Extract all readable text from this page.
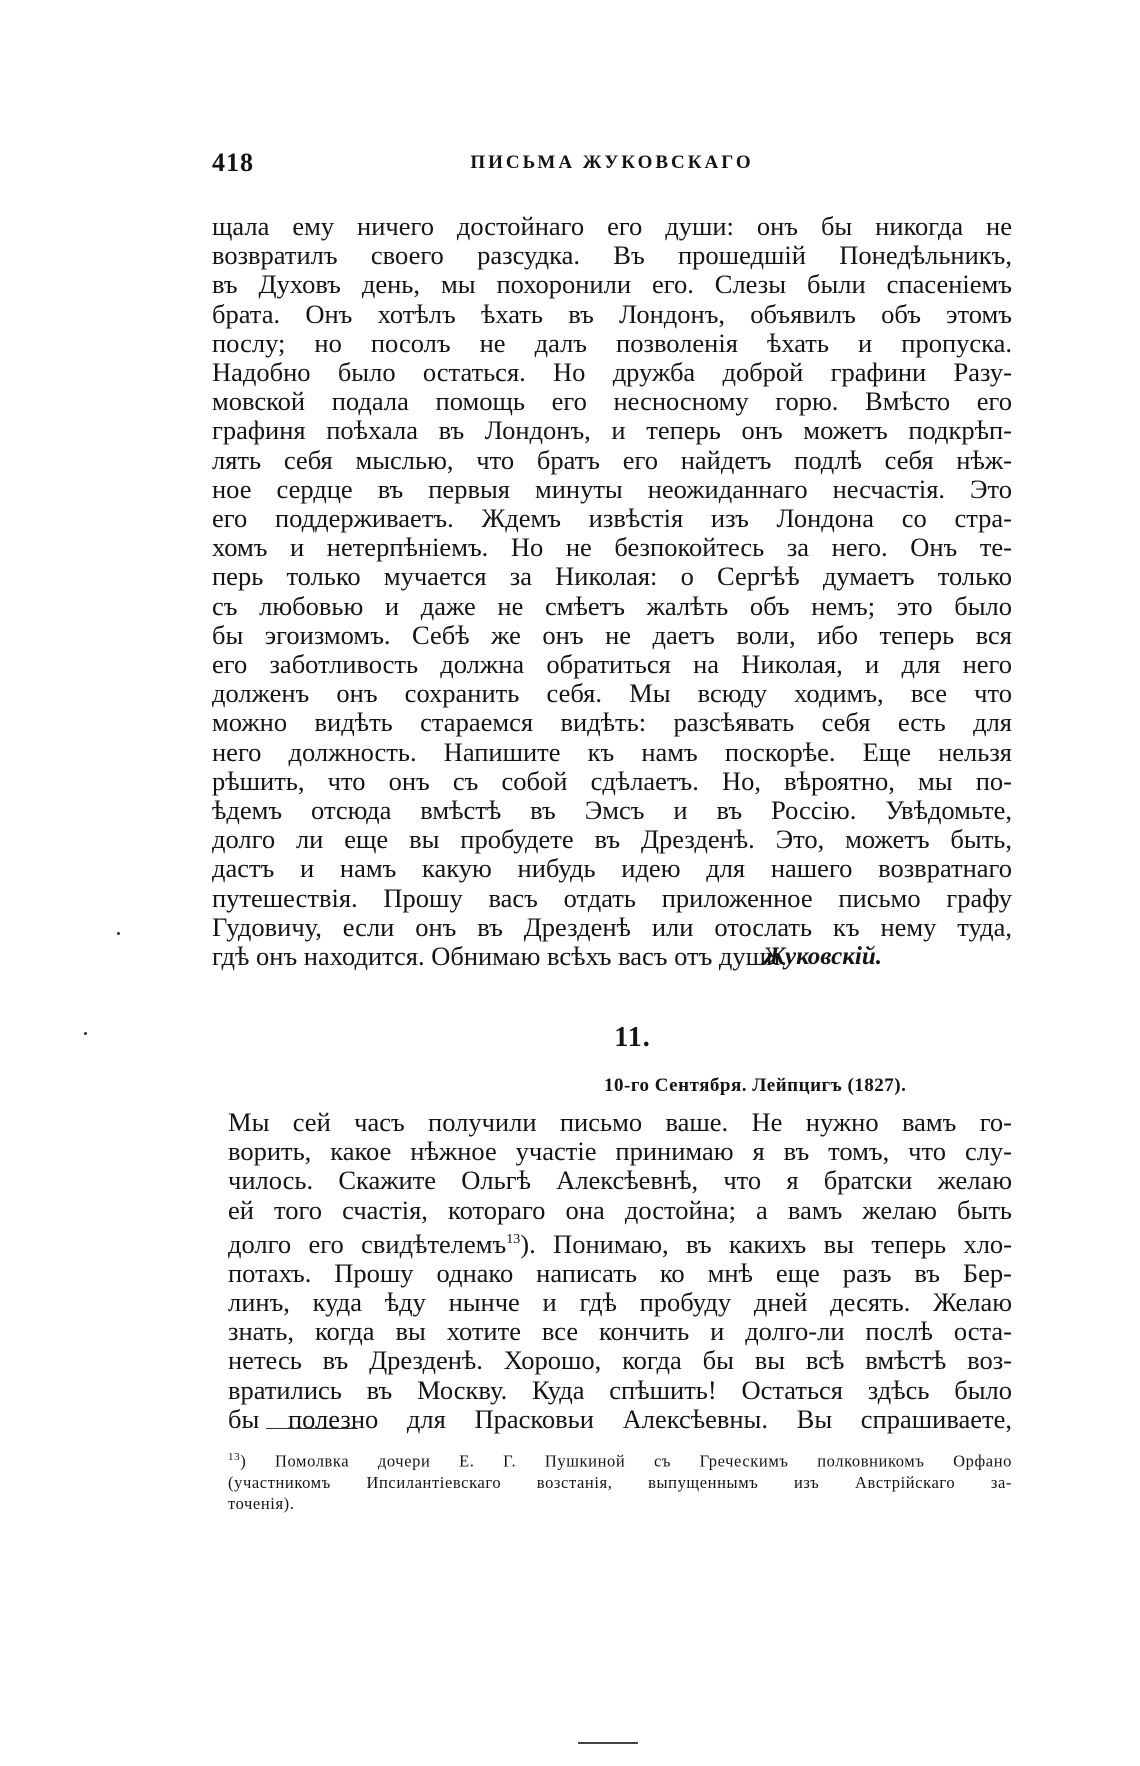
418	ПИСЬМА ЖУКОВСКАГО
щала ему ничего достойнаго его души: онъ бы никогда не
возвратилъ своего разсудка. Въ прошедшій Понедѣльникъ,
въ Духовъ день, мы похоронили его. Слезы были спасеніемъ
брата. Онъ хотѣлъ ѣхать въ Лондонъ, объявилъ объ этомъ
послу; но посолъ не далъ позволенія ѣхать и пропуска.
Надобно было остаться. Но дружба доброй графини Разу-
мовской подала помощь его несносному горю. Вмѣсто его
графиня поѣхала въ Лондонъ, и теперь онъ можетъ подкрѣп-
лять себя мыслью, что братъ его найдетъ подлѣ себя нѣж-
ное сердце въ первыя минуты неожиданнаго несчастія. Это
его поддерживаетъ. Ждемъ извѣстія изъ Лондона со стра-
хомъ и нетерпѣніемъ. Но не безпокойтесь за него. Онъ те-
перь только мучается за Николая: о Сергѣѣ думаетъ только
съ любовью и даже не смѣетъ жалѣть объ немъ; это было
бы эгоизмомъ. Себѣ же онъ не даетъ воли, ибо теперь вся
его заботливость должна обратиться на Николая, и для него
долженъ онъ сохранить себя. Мы всюду ходимъ, все что
можно видѣть стараемся видѣть: разсѣявать себя есть для
него должность. Напишите къ намъ поскорѣе. Еще нельзя
рѣшить, что онъ съ собой сдѣлаетъ. Но, вѣроятно, мы по-
ѣдемъ отсюда вмѣстѣ въ Эмсъ и въ Россію. Увѣдомьте,
долго ли еще вы пробудете въ Дрезденѣ. Это, можетъ быть,
дастъ и намъ какую нибудь идею для нашего возвратнаго
путешествія. Прошу васъ отдать приложенное письмо графу
Гудовичу, если онъ въ Дрезденѣ или отослать къ нему туда,
гдѣ онъ находится. Обнимаю всѣхъ васъ отъ души.
Жуковскій.
11.
10-го Сентября. Лейпцигъ (1827).
Мы сей часъ получили письмо ваше. Не нужно вамъ го-
ворить, какое нѣжное участіе принимаю я въ томъ, что слу-
чилось. Скажите Ольгѣ Алексѣевнѣ, что я братски желаю
ей того счастія, котораго она достойна; а вамъ желаю быть
долго его свидѣтелемъ$^{13}$). Понимаю, въ какихъ вы теперь хло-
потахъ. Прошу однако написать ко мнѣ еще разъ въ Бер-
линъ, куда ѣду нынче и гдѣ пробуду дней десять. Желаю
знать, когда вы хотите все кончить и долго-ли послѣ оста-
нетесь въ Дрезденѣ. Хорошо, когда бы вы всѣ вмѣстѣ воз-
вратились въ Москву. Куда спѣшить! Остаться здѣсь было
бы полезно для Прасковьи Алексѣевны. Вы спрашиваете,
$^{13}$) Помолвка дочери Е. Г. Пушкиной съ Греческимъ полковникомъ Орфано
(участникомъ Ипсилантіевскаго возстанія, выпущеннымъ изъ Австрійскаго за-
точенія).
